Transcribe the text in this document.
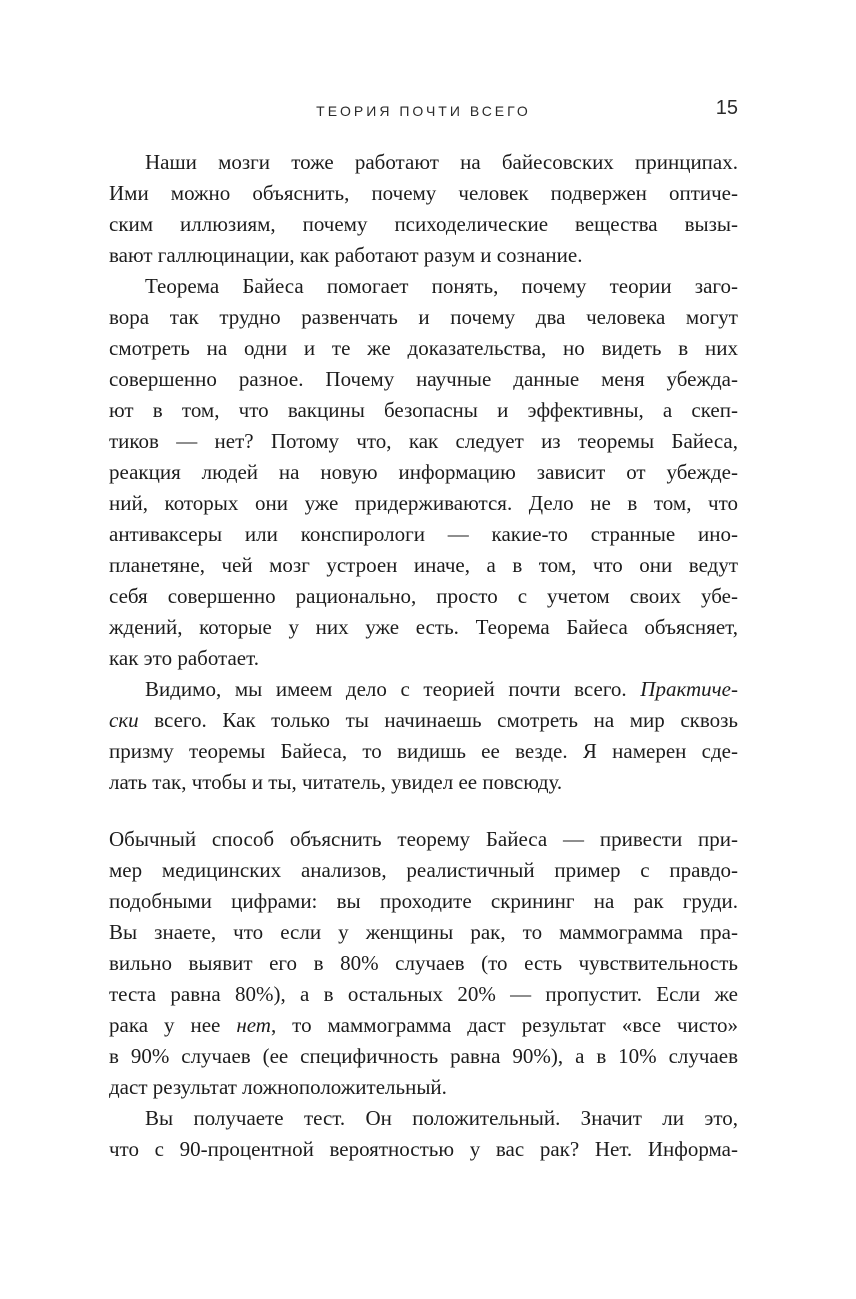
ТЕОРИЯ ПОЧТИ ВСЕГО	15
Наши мозги тоже работают на байесовских принципах.
Ими можно объяснить, почему человек подвержен оптиче-
ским иллюзиям, почему психоделические вещества вызы-
вают галлюцинации, как работают разум и сознание.
Теорема Байеса помогает понять, почему теории заго-
вора так трудно развенчать и почему два человека могут
смотреть на одни и те же доказательства, но видеть в них
совершенно разное. Почему научные данные меня убежда-
ют в том, что вакцины безопасны и эффективны, а скеп-
тиков — нет? Потому что, как следует из теоремы Байеса,
реакция людей на новую информацию зависит от убежде-
ний, которых они уже придерживаются. Дело не в том, что
антиваксеры или конспирологи — какие-то странные ино-
планетяне, чей мозг устроен иначе, а в том, что они ведут
себя совершенно рационально, просто с учетом своих убе-
ждений, которые у них уже есть. Теорема Байеса объясняет,
как это работает.
Видимо, мы имеем дело с теорией почти всего. Практиче-
ски всего. Как только ты начинаешь смотреть на мир сквозь
призму теоремы Байеса, то видишь ее везде. Я намерен сде-
лать так, чтобы и ты, читатель, увидел ее повсюду.
Обычный способ объяснить теорему Байеса — привести при-
мер медицинских анализов, реалистичный пример с правдо-
подобными цифрами: вы проходите скрининг на рак груди.
Вы знаете, что если у женщины рак, то маммограмма пра-
вильно выявит его в 80% случаев (то есть чувствительность
теста равна 80%), а в остальных 20% — пропустит. Если же
рака у нее нет, то маммограмма даст результат «все чисто»
в 90% случаев (ее специфичность равна 90%), а в 10% случаев
даст результат ложноположительный.
Вы получаете тест. Он положительный. Значит ли это,
что с 90-процентной вероятностью у вас рак? Нет. Информа-
